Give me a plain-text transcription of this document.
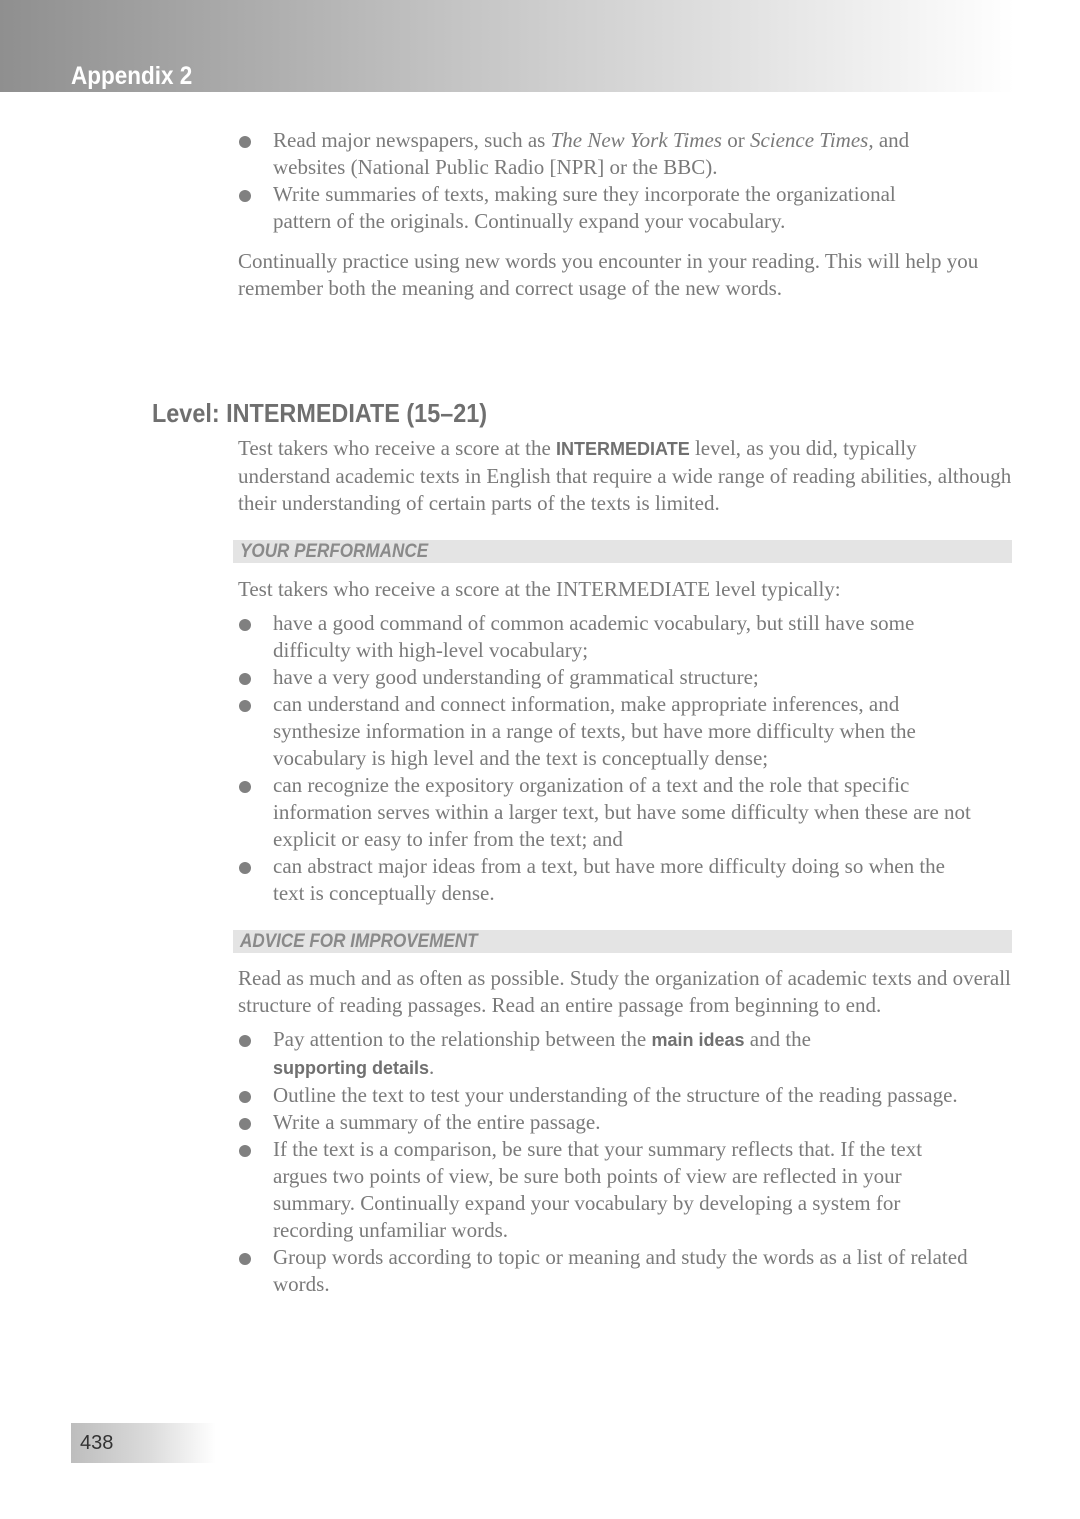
Appendix 2
Read major newspapers, such as The New York Times or Science Times, and websites (National Public Radio [NPR] or the BBC).
Write summaries of texts, making sure they incorporate the organizational pattern of the originals. Continually expand your vocabulary.

Continually practice using new words you encounter in your reading. This will help you remember both the meaning and correct usage of the new words.

Level: INTERMEDIATE (15–21)

Test takers who receive a score at the INTERMEDIATE level, as you did, typically understand academic texts in English that require a wide range of reading abilities, although their understanding of certain parts of the texts is limited.

YOUR PERFORMANCE

Test takers who receive a score at the INTERMEDIATE level typically:

have a good command of common academic vocabulary, but still have some difficulty with high-level vocabulary;
have a very good understanding of grammatical structure;
can understand and connect information, make appropriate inferences, and synthesize information in a range of texts, but have more difficulty when the vocabulary is high level and the text is conceptually dense;
can recognize the expository organization of a text and the role that specific information serves within a larger text, but have some difficulty when these are not explicit or easy to infer from the text; and
can abstract major ideas from a text, but have more difficulty doing so when the text is conceptually dense.
ADVICE FOR IMPROVEMENT

Read as much and as often as possible. Study the organization of academic texts and overall structure of reading passages. Read an entire passage from beginning to end.

Pay attention to the relationship between the main ideas and the
supporting details.
Outline the text to test your understanding of the structure of the reading passage.
Write a summary of the entire passage.
If the text is a comparison, be sure that your summary reflects that. If the text argues two points of view, be sure both points of view are reflected in your summary. Continually expand your vocabulary by developing a system for recording unfamiliar words.
Group words according to topic or meaning and study the words as a list of related words.
438
